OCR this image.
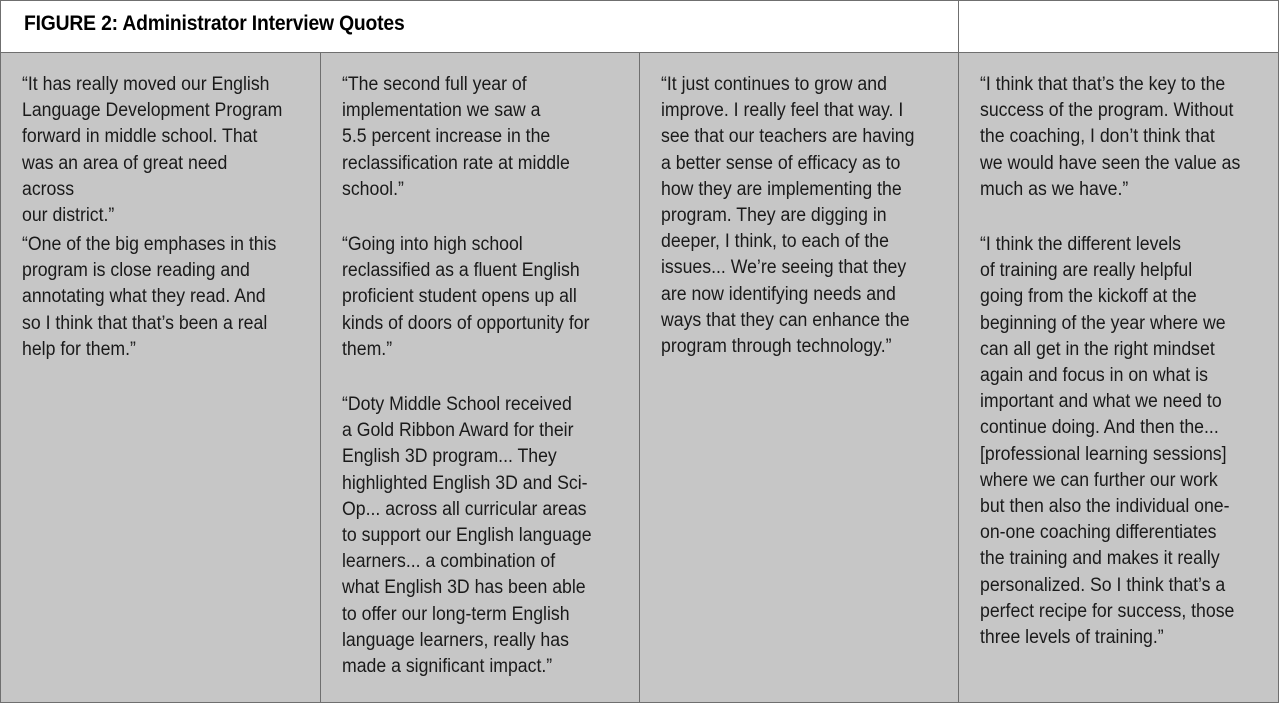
FIGURE 2: Administrator Interview Quotes

“It has really moved our English
Language Development Program
forward in middle school. That
was an area of great need across
our district.”

“One of the big emphases in this
program is close reading and
annotating what they read. And
so I think that that’s been a real
help for them.”

“The second full year of
implementation we saw a
5.5 percent increase in the
reclassification rate at middle
school.”

“Going into high school
reclassified as a fluent English
proficient student opens up all
kinds of doors of opportunity for
them.”

“Doty Middle School received
a Gold Ribbon Award for their
English 3D program... They
highlighted English 3D and Sci-
Op... across all curricular areas
to support our English language
learners... a combination of
what English 3D has been able
to offer our long-term English
language learners, really has
made a significant impact.”

“It just continues to grow and
improve. I really feel that way. I
see that our teachers are having
a better sense of efficacy as to
how they are implementing the
program. They are digging in
deeper, I think, to each of the
issues... We’re seeing that they
are now identifying needs and
ways that they can enhance the
program through technology.”

“I think that that’s the key to the
success of the program. Without
the coaching, I don’t think that
we would have seen the value as
much as we have.”

“I think the different levels
of training are really helpful
going from the kickoff at the
beginning of the year where we
can all get in the right mindset
again and focus in on what is
important and what we need to
continue doing. And then the...
[professional learning sessions]
where we can further our work
but then also the individual one-
on-one coaching differentiates
the training and makes it really
personalized. So I think that’s a
perfect recipe for success, those
three levels of training.”
